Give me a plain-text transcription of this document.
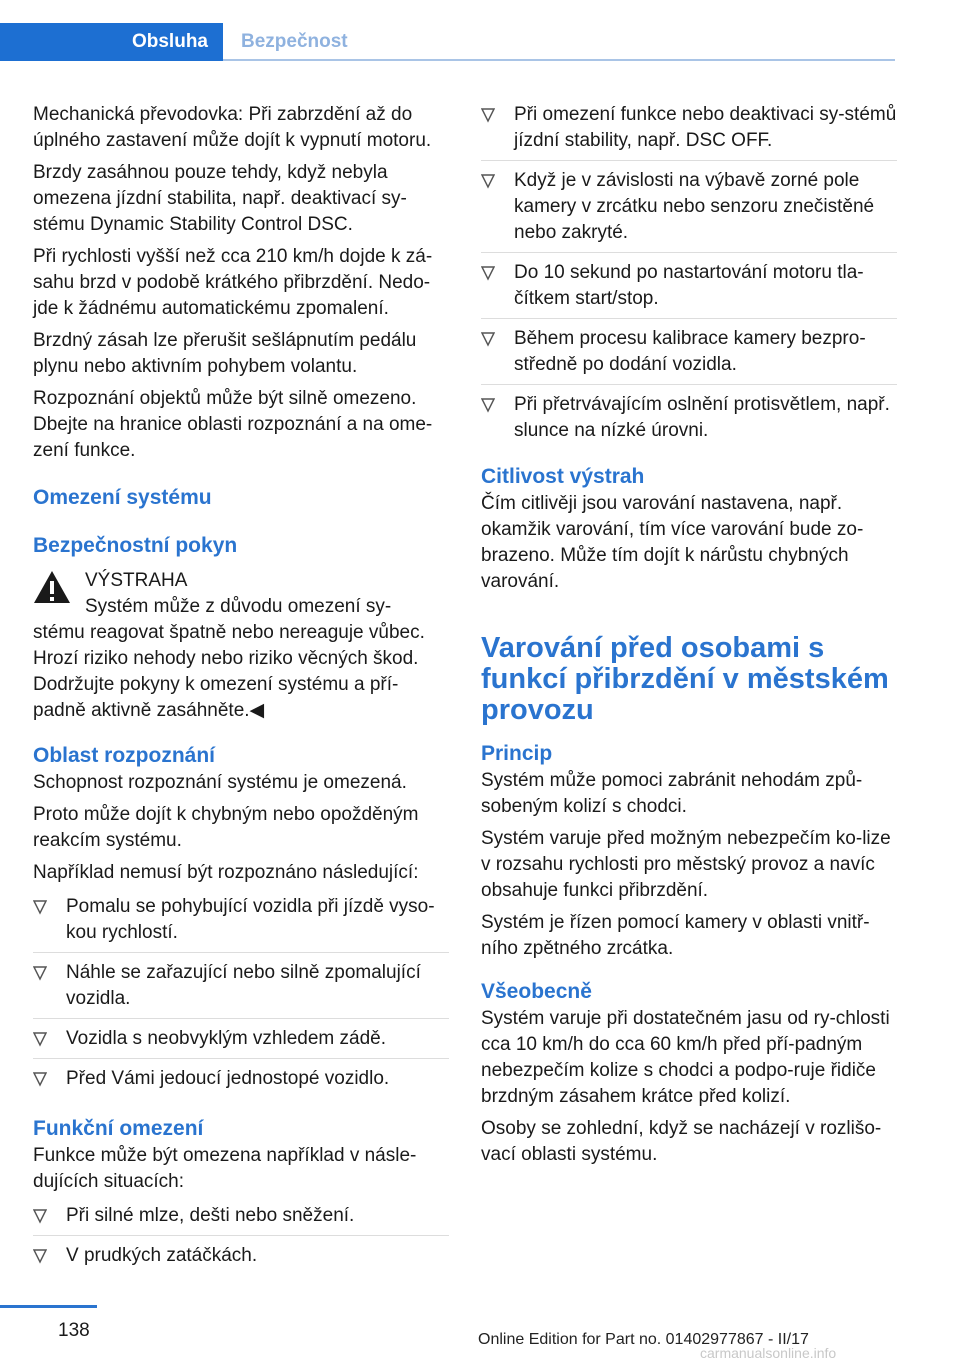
Obsluha	Bezpečnost

Mechanická převodovka: Při zabrzdění až do úplného zastavení může dojít k vypnutí motoru.

Brzdy zasáhnou pouze tehdy, když nebyla omezena jízdní stabilita, např. deaktivací sy‐stému Dynamic Stability Control DSC.

Při rychlosti vyšší než cca 210 km/h dojde k zá‐sahu brzd v podobě krátkého přibrzdění. Nedo‐jde k žádnému automatickému zpomalení.

Brzdný zásah lze přerušit sešlápnutím pedálu plynu nebo aktivním pohybem volantu.

Rozpoznání objektů může být silně omezeno. Dbejte na hranice oblasti rozpoznání a na ome‐zení funkce.

Omezení systému
Bezpečnostní pokyn
VÝSTRAHA
Systém může z důvodu omezení sy‐

stému reagovat špatně nebo nereaguje vůbec. Hrozí riziko nehody nebo riziko věcných škod. Dodržujte pokyny k omezení systému a pří‐padně aktivně zasáhněte.◀

Oblast rozpoznání

Schopnost rozpoznání systému je omezená.

Proto může dojít k chybným nebo opožděným reakcím systému.

Například nemusí být rozpoznáno následující:

Pomalu se pohybující vozidla při jízdě vyso‐kou rychlostí.
Náhle se zařazující nebo silně zpomalující vozidla.
Vozidla s neobvyklým vzhledem zádě.
Před Vámi jedoucí jednostopé vozidlo.
Funkční omezení

Funkce může být omezena například v násle‐dujících situacích:

Při silné mlze, dešti nebo sněžení.
V prudkých zatáčkách.
Při omezení funkce nebo deaktivaci sy‐stémů jízdní stability, např. DSC OFF.
Když je v závislosti na výbavě zorné pole kamery v zrcátku nebo senzoru znečistěné nebo zakryté.
Do 10 sekund po nastartování motoru tla‐čítkem start/stop.
Během procesu kalibrace kamery bezpro‐středně po dodání vozidla.
Při přetrvávajícím oslnění protisvětlem, např. slunce na nízké úrovni.
Citlivost výstrah

Čím citlivěji jsou varování nastavena, např. okamžik varování, tím více varování bude zo‐brazeno. Může tím dojít k nárůstu chybných varování.

Varování před osobami s funkcí přibrzdění v městském provozu
Princip

Systém může pomoci zabránit nehodám způ‐sobeným kolizí s chodci.

Systém varuje před možným nebezpečím ko‐lize v rozsahu rychlosti pro městský provoz a navíc obsahuje funkci přibrzdění.

Systém je řízen pomocí kamery v oblasti vnitř‐ního zpětného zrcátka.

Všeobecně

Systém varuje při dostatečném jasu od ry‐chlosti cca 10 km/h do cca 60 km/h před pří‐padným nebezpečím kolize s chodci a podpo‐ruje řidiče brzdným zásahem krátce před kolizí.

Osoby se zohlední, když se nacházejí v rozlišo‐vací oblasti systému.

138	Online Edition for Part no. 01402977867 - II/17
carmanualsonline.info
